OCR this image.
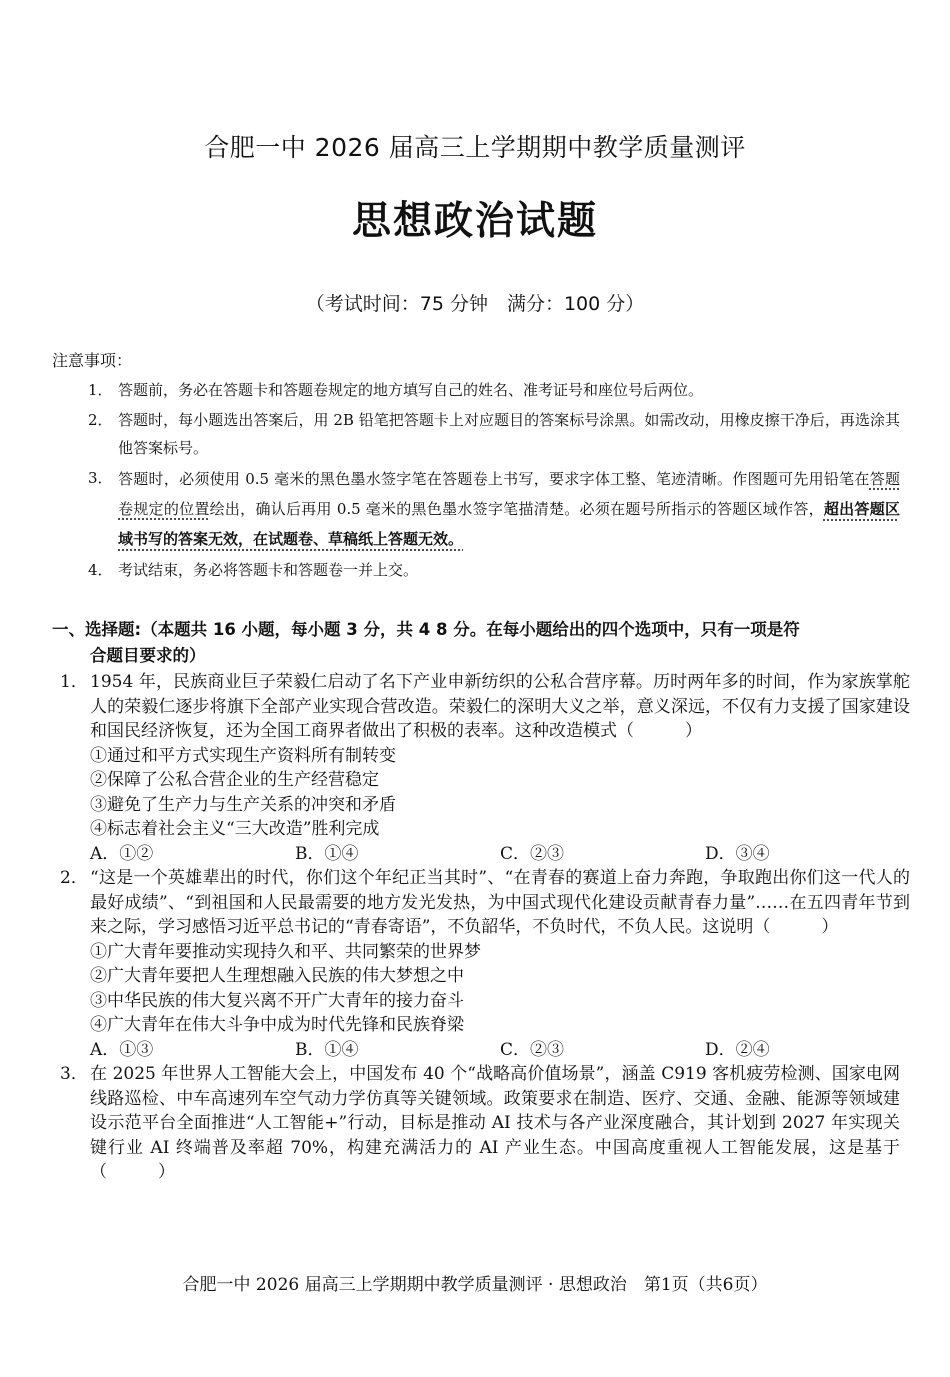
合肥一中 2026 届高三上学期期中教学质量测评
思想政治试题
（考试时间：75 分钟　满分：100 分）
注意事项：
1． 答题前，务必在答题卡和答题卷规定的地方填写自己的姓名、准考证号和座位号后两位。
2． 答题时，每小题选出答案后，用 2B 铅笔把答题卡上对应题目的答案标号涂黑。如需改动，用橡皮擦干净后，再选涂其他答案标号。
3． 答题时，必须使用 0.5 毫米的黑色墨水签字笔在答题卷上书写，要求字体工整、笔迹清晰。作图题可先用铅笔在答题卷规定的位置绘出，确认后再用 0.5 毫米的黑色墨水签字笔描清楚。必须在题号所指示的答题区域作答，超出答题区域书写的答案无效，在试题卷、草稿纸上答题无效。
4． 考试结束，务必将答题卡和答题卷一并上交。
一、选择题:（本题共 16 小题，每小题 3 分，共 4 8 分。在每小题给出的四个选项中，只有一项是符
合题目要求的）
1． 1954 年，民族商业巨子荣毅仁启动了名下产业申新纺织的公私合营序幕。历时两年多的时间，作为家族掌舵人的荣毅仁逐步将旗下全部产业实现合营改造。荣毅仁的深明大义之举，意义深远，不仅有力支援了国家建设和国民经济恢复，还为全国工商界者做出了积极的表率。这种改造模式（　　　）
①通过和平方式实现生产资料所有制转变
②保障了公私合营企业的生产经营稳定
③避免了生产力与生产关系的冲突和矛盾
④标志着社会主义“三大改造”胜利完成
A．①②	B．①④	C．②③	D．③④
2． “这是一个英雄辈出的时代，你们这个年纪正当其时”、“在青春的赛道上奋力奔跑，争取跑出你们这一代人的最好成绩”、“到祖国和人民最需要的地方发光发热，为中国式现代化建设贡献青春力量”……在五四青年节到来之际，学习感悟习近平总书记的“青春寄语”，不负韶华，不负时代，不负人民。这说明（　　　）
①广大青年要推动实现持久和平、共同繁荣的世界梦
②广大青年要把人生理想融入民族的伟大梦想之中
③中华民族的伟大复兴离不开广大青年的接力奋斗
④广大青年在伟大斗争中成为时代先锋和民族脊梁
A．①③	B．①④	C．②③	D．②④
3． 在 2025 年世界人工智能大会上，中国发布 40 个“战略高价值场景”，涵盖 C919 客机疲劳检测、国家电网线路巡检、中车高速列车空气动力学仿真等关键领域。政策要求在制造、医疗、交通、金融、能源等领域建设示范平台全面推进“人工智能+”行动，目标是推动 AI 技术与各产业深度融合，其计划到 2027 年实现关键行业 AI 终端普及率超 70%，构建充满活力的 AI 产业生态。中国高度重视人工智能发展，这是基于（　　　）
合肥一中 2026 届高三上学期期中教学质量测评 · 思想政治　第1页（共6页）
